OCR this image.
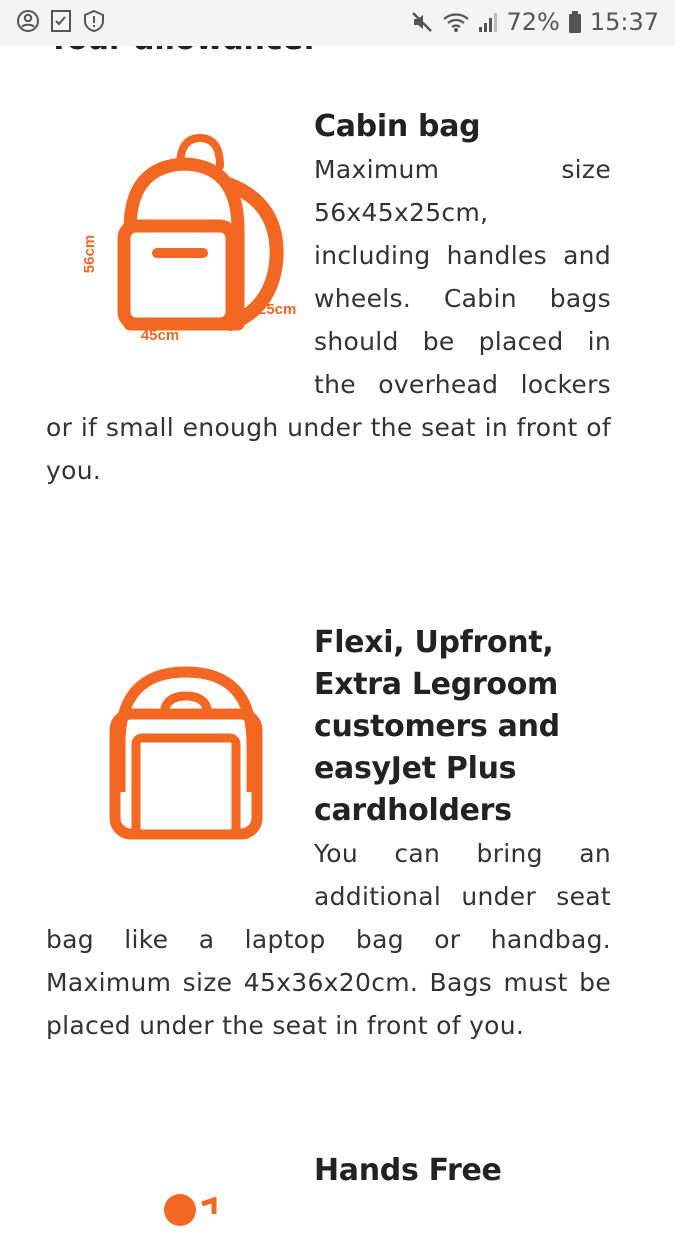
72% 15:37
56cm
25cm
45cm
Cabin bag

Maximum size 56x45x25cm, including handles and wheels. Cabin bags should be placed in the overhead lockers or if small enough under the seat in front of you.

Flexi, Upfront, Extra Legroom customers and easyJet Plus cardholders

You can bring an additional under seat bag like a laptop bag or handbag. Maximum size 45x36x20cm. Bags must be placed under the seat in front of you.

Hands Free
